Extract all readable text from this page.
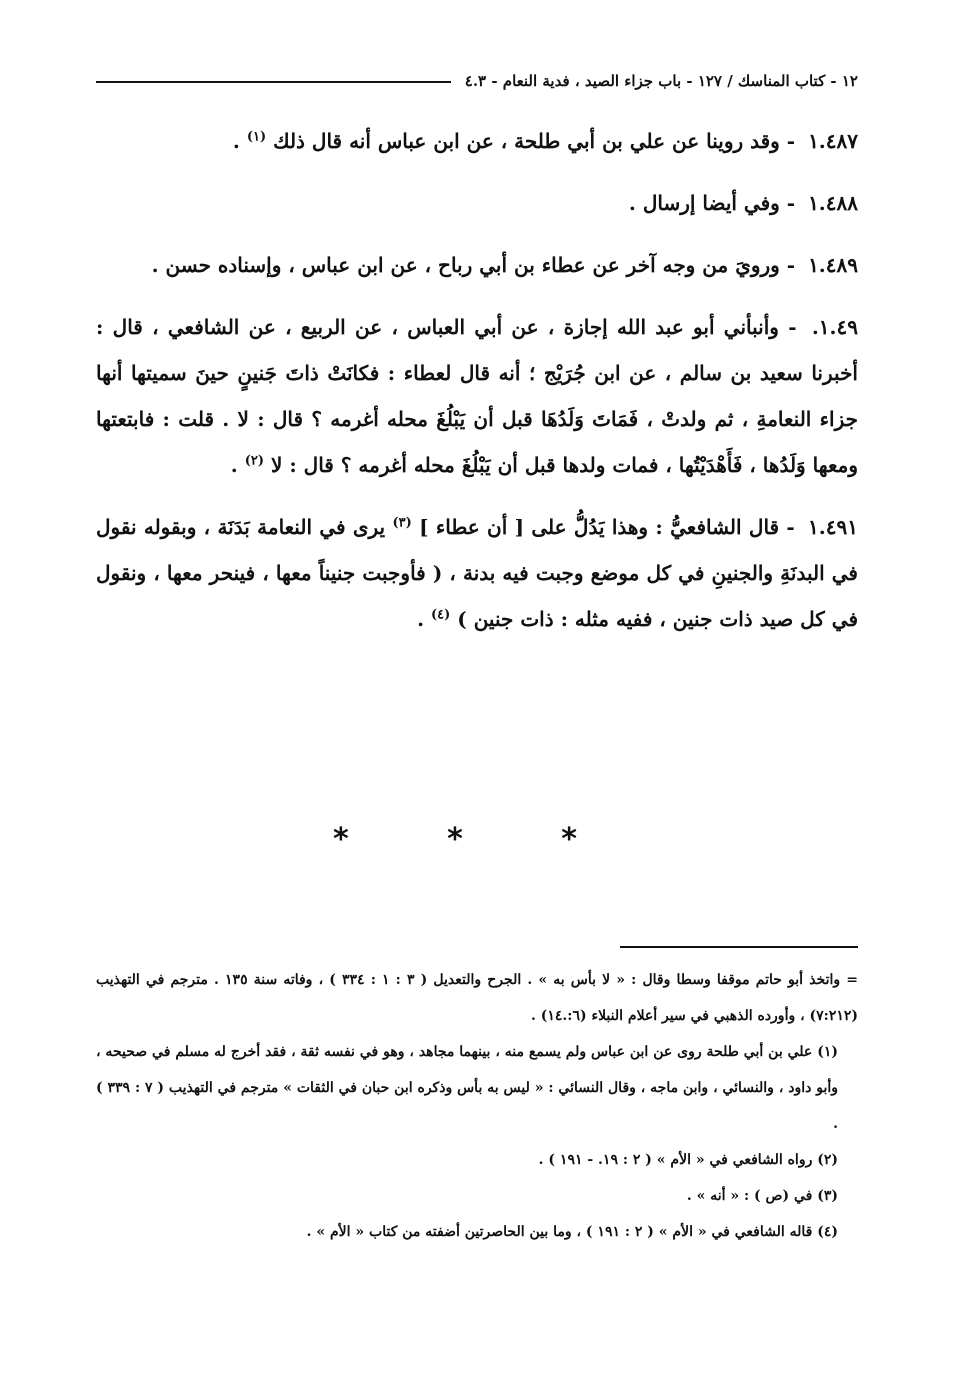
١٢ - كتاب المناسك / ١٢٧ - باب جزاء الصيد ، فدية النعام - ٤.٣

١.٤٨٧ - وقد روينا عن علي بن أبي طلحة ، عن ابن عباس أنه قال ذلك $^{(١)}$ .

١.٤٨٨ - وفي أيضا إرسال .

١.٤٨٩ - ورويَ من وجه آخر عن عطاء بن أبي رباح ، عن ابن عباس ، وإسناده حسن .

١.٤٩. - وأنبأني أبو عبد الله إجازة ، عن أبي العباس ، عن الربيع ، عن الشافعي ، قال : أخبرنا سعيد بن سالم ، عن ابن جُرَيْج ؛ أنه قال لعطاء : فكانَتْ ذاتَ جَنينٍ حينَ سميتها أنها جزاء النعامةِ ، ثم ولدتْ ، فَمَاتَ وَلَدُهَا قبل أن يَبْلُغَ محله أغرمه ؟ قال : لا . قلت : فابتعتها ومعها وَلَدُها ، فَأَهْدَيْتُها ، فمات ولدها قبل أن يَبْلُغَ محله أغرمه ؟ قال : لا $^{(٢)}$ .

١.٤٩١ - قال الشافعيُّ : وهذا يَدُلُّ على [ أن عطاء ] $^{(٣)}$ يرى في النعامة بَدَنَة ، وبقوله نقول في البدنَةِ والجنينِ في كل موضع وجبت فيه بدنة ، ( فأوجبت جنيناً معها ، فينحر معها ، ونقول في كل صيد ذات جنين ، ففيه مثله : ذات جنين ) $^{(٤)}$ .

* * *

= واتخذ أبو حاتم موقفا وسطا وقال : « لا بأس به » . الجرح والتعديل ( ٣ : ١ : ٣٣٤ ) ، وفاته سنة ١٣٥ . مترجم في التهذيب (٧:٢١٢) ، وأورده الذهبي في سير أعلام النبلاء (٦:.١٤) .

(١) علي بن أبي طلحة روى عن ابن عباس ولم يسمع منه ، بينهما مجاهد ، وهو في نفسه ثقة ، فقد أخرج له مسلم في صحيحه ، وأبو داود ، والنسائي ، وابن ماجه ، وقال النسائي : « ليس به بأس وذكره ابن حبان في الثقات » مترجم في التهذيب ( ٧ : ٣٣٩ ) .

(٢) رواه الشافعي في « الأم » ( ٢ : ١٩. - ١٩١ ) .

(٣) في (ص ) : « أنه » .

(٤) قاله الشافعي في « الأم » ( ٢ : ١٩١ ) ، وما بين الحاصرتين أضفته من كتاب « الأم » .
